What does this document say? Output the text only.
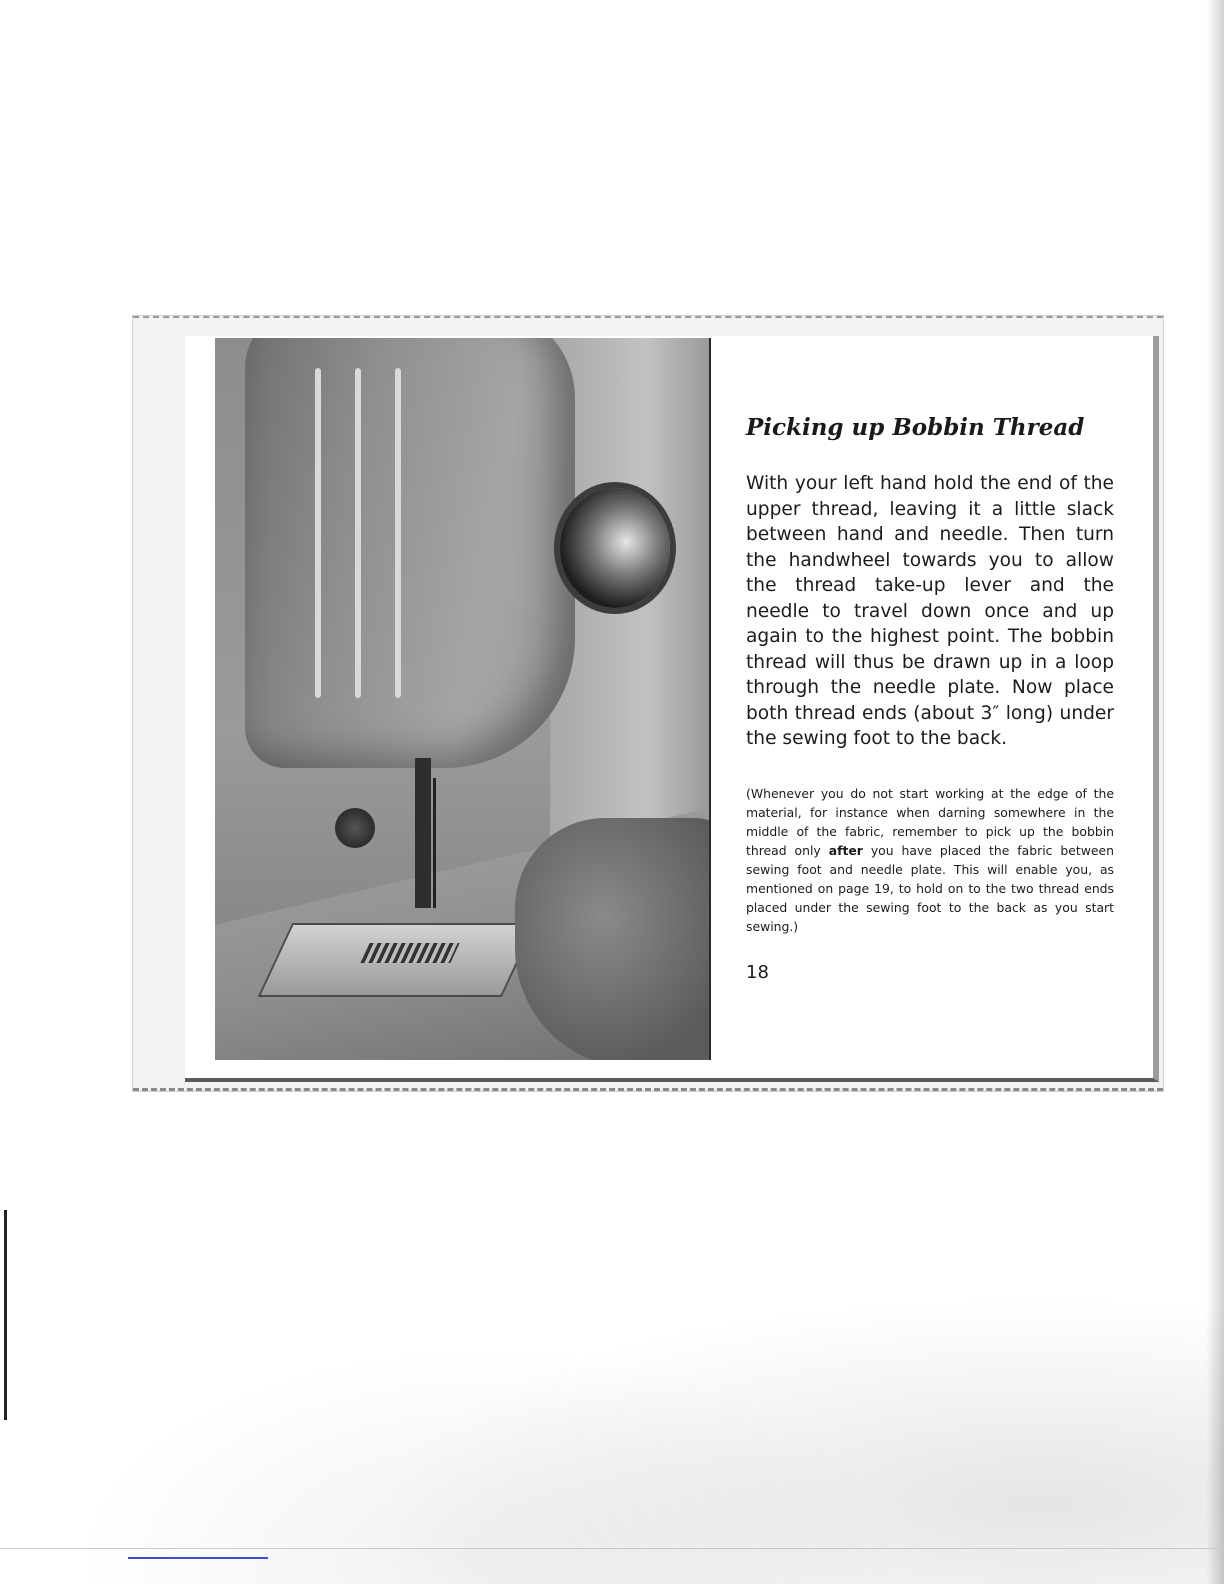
Picking up Bobbin Thread

With your left hand hold the end of the upper thread, leaving it a little slack between hand and needle. Then turn the handwheel towards you to allow the thread take-up lever and the needle to travel down once and up again to the highest point. The bobbin thread will thus be drawn up in a loop through the needle plate. Now place both thread ends (about 3″ long) under the sewing foot to the back.

(Whenever you do not start working at the edge of the material, for instance when darning somewhere in the middle of the fabric, remember to pick up the bobbin thread only after you have placed the fabric between sewing foot and needle plate. This will enable you, as mentioned on page 19, to hold on to the two thread ends placed under the sewing foot to the back as you start sewing.)

18
